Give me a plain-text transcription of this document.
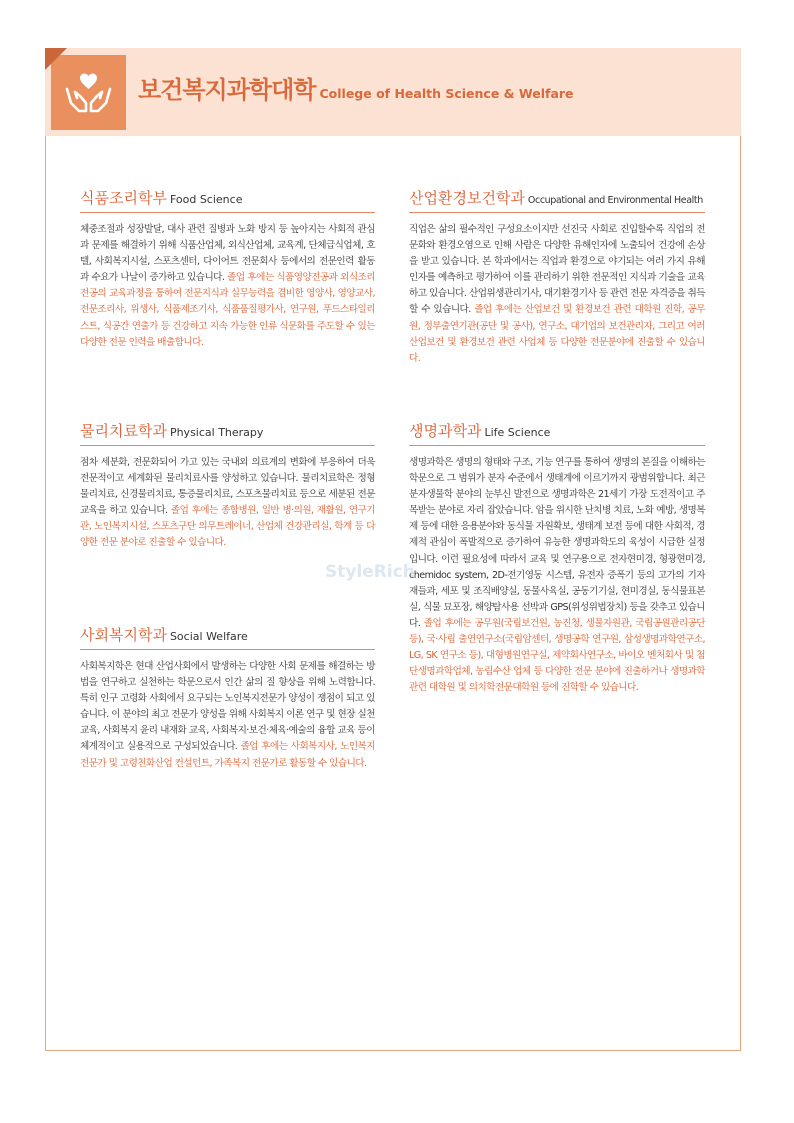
보건복지과학대학 College of Health Science & Welfare
식품조리학부 Food Science

체중조절과 성장발달, 대사 관련 질병과 노화 방지 등 높아지는 사회적 관심과 문제를 해결하기 위해 식품산업체, 외식산업체, 교육계, 단체급식업체, 호텔, 사회복지시설, 스포츠센터, 다이어트 전문회사 등에서의 전문인력 활동과 수요가 나날이 증가하고 있습니다. 졸업 후에는 식품영양전공과 외식조리전공의 교육과정을 통하여 전문지식과 실무능력을 겸비한 영양사, 영양교사, 전문조리사, 위생사, 식품제조기사, 식품품질평가사, 연구원, 푸드스타일리스트, 식공간 연출가 등 건강하고 지속 가능한 인류 식문화를 주도할 수 있는 다양한 전문 인력을 배출합니다.

물리치료학과 Physical Therapy

점차 세분화, 전문화되어 가고 있는 국내외 의료계의 변화에 부응하여 더욱 전문적이고 세계화된 물리치료사를 양성하고 있습니다. 물리치료학은 정형물리치료, 신경물리치료, 통증물리치료, 스포츠물리치료 등으로 세분된 전문교육을 하고 있습니다. 졸업 후에는 종합병원, 일반 병·의원, 재활원, 연구기관, 노인복지시설, 스포츠구단 의무트레이너, 산업체 건강관리실, 학계 등 다양한 전문 분야로 진출할 수 있습니다.

사회복지학과 Social Welfare

사회복지학은 현대 산업사회에서 발생하는 다양한 사회 문제를 해결하는 방법을 연구하고 실천하는 학문으로서 인간 삶의 질 향상을 위해 노력합니다. 특히 인구 고령화 사회에서 요구되는 노인복지전문가 양성이 쟁점이 되고 있습니다. 이 분야의 최고 전문가 양성을 위해 사회복지 이론 연구 및 현장 실천 교육, 사회복지 윤리 내재화 교육, 사회복지·보건·체육·예술의 융합 교육 등이 체계적이고 실용적으로 구성되었습니다. 졸업 후에는 사회복지사, 노인복지 전문가 및 고령친화산업 컨설턴트, 가족복지 전문가로 활동할 수 있습니다.

산업환경보건학과 Occupational and Environmental Health

직업은 삶의 필수적인 구성요소이지만 선진국 사회로 진입할수록 직업의 전문화와 환경오염으로 인해 사람은 다양한 유해인자에 노출되어 건강에 손상을 받고 있습니다. 본 학과에서는 직업과 환경으로 야기되는 여러 가지 유해인자를 예측하고 평가하여 이를 관리하기 위한 전문적인 지식과 기술을 교육하고 있습니다. 산업위생관리기사, 대기환경기사 등 관련 전문 자격증을 취득할 수 있습니다. 졸업 후에는 산업보건 및 환경보건 관련 대학원 진학, 공무원, 정부출연기관(공단 및 공사), 연구소, 대기업의 보건관리자, 그리고 여러 산업보건 및 환경보건 관련 사업체 등 다양한 전문분야에 진출할 수 있습니다.

생명과학과 Life Science

생명과학은 생명의 형태와 구조, 기능 연구를 통하여 생명의 본질을 이해하는 학문으로 그 범위가 분자 수준에서 생태계에 이르기까지 광범위합니다. 최근 분자생물학 분야의 눈부신 발전으로 생명과학은 21세기 가장 도전적이고 주목받는 분야로 자리 잡았습니다. 암을 위시한 난치병 치료, 노화 예방, 생명복제 등에 대한 응용분야와 동식물 자원확보, 생태계 보전 등에 대한 사회적, 경제적 관심이 폭발적으로 증가하여 유능한 생명과학도의 육성이 시급한 실정입니다. 이런 필요성에 따라서 교육 및 연구용으로 전자현미경, 형광현미경, chemidoc system, 2D-전기영동 시스템, 유전자 증폭기 등의 고가의 기자재들과, 세포 및 조직배양실, 동물사육실, 공동기기실, 현미경실, 동식물표본실, 식물 묘포장, 해양탐사용 선박과 GPS(위성위법장치) 등을 갖추고 있습니다. 졸업 후에는 공무원(국립보건원, 농진청, 생물자원관, 국립공원관리공단 등), 국·사립 출연연구소(국립암센터, 생명공학 연구원, 삼성생명과학연구소, LG, SK 연구소 등), 대형병원연구실, 제약회사연구소, 바이오 벤처회사 및 첨단생명과학업체, 농림수산 업체 등 다양한 전문 분야에 진출하거나 생명과학 관련 대학원 및 의치학전문대학원 등에 진학할 수 있습니다.

StyleRich
